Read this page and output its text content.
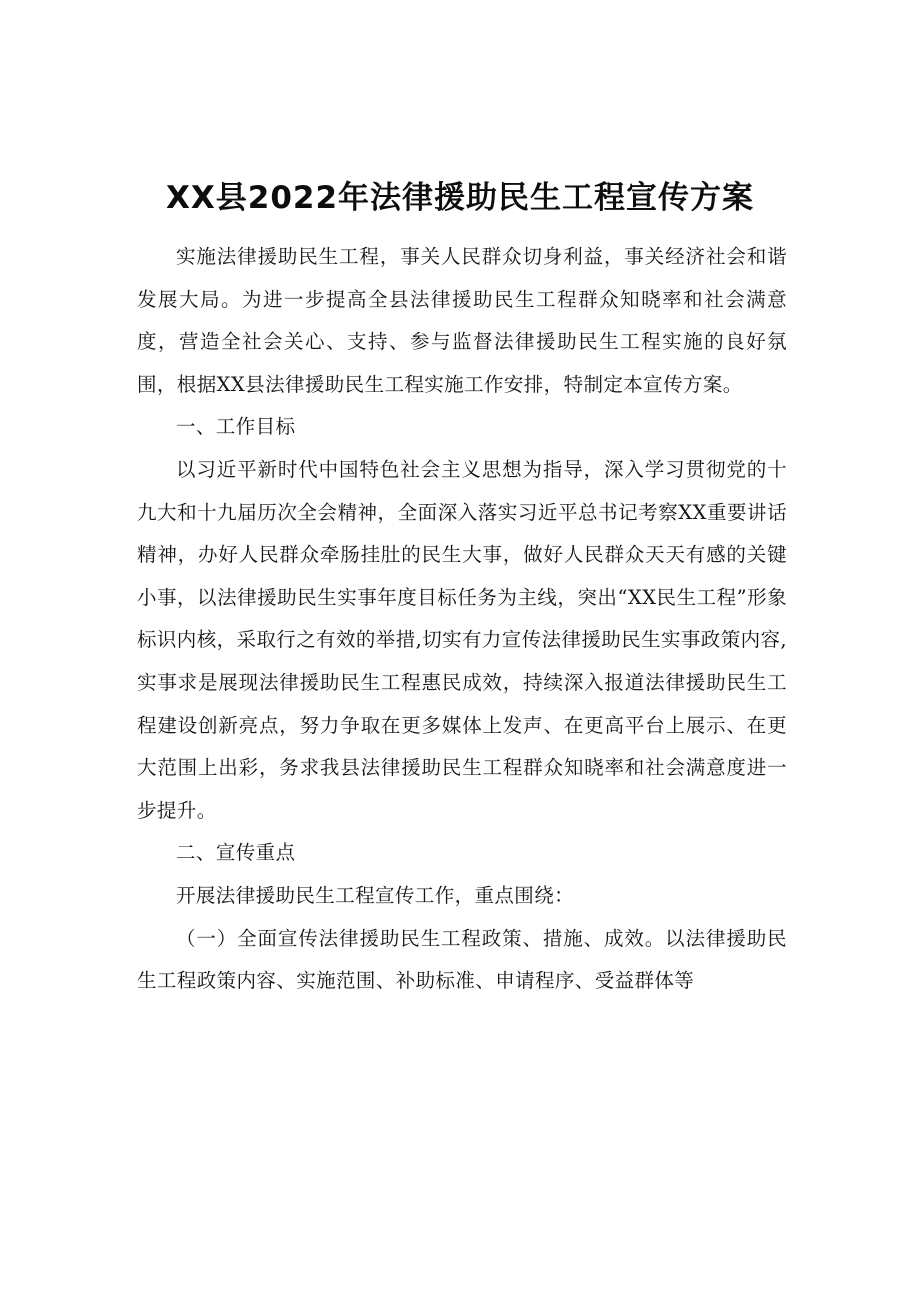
XX县2022年法律援助民生工程宣传方案

实施法律援助民生工程，事关人民群众切身利益，事关经济社会和谐发展大局。为进一步提高全县法律援助民生工程群众知晓率和社会满意度，营造全社会关心、支持、参与监督法律援助民生工程实施的良好氛围，根据XX县法律援助民生工程实施工作安排，特制定本宣传方案。

一、工作目标

以习近平新时代中国特色社会主义思想为指导，深入学习贯彻党的十九大和十九届历次全会精神，全面深入落实习近平总书记考察XX重要讲话精神，办好人民群众牵肠挂肚的民生大事，做好人民群众天天有感的关键小事，以法律援助民生实事年度目标任务为主线，突出“XX民生工程”形象标识内核，采取行之有效的举措,切实有力宣传法律援助民生实事政策内容,实事求是展现法律援助民生工程惠民成效，持续深入报道法律援助民生工程建设创新亮点，努力争取在更多媒体上发声、在更高平台上展示、在更大范围上出彩，务求我县法律援助民生工程群众知晓率和社会满意度进一步提升。

二、宣传重点

开展法律援助民生工程宣传工作，重点围绕：

（一）全面宣传法律援助民生工程政策、措施、成效。以法律援助民生工程政策内容、实施范围、补助标准、申请程序、受益群体等
